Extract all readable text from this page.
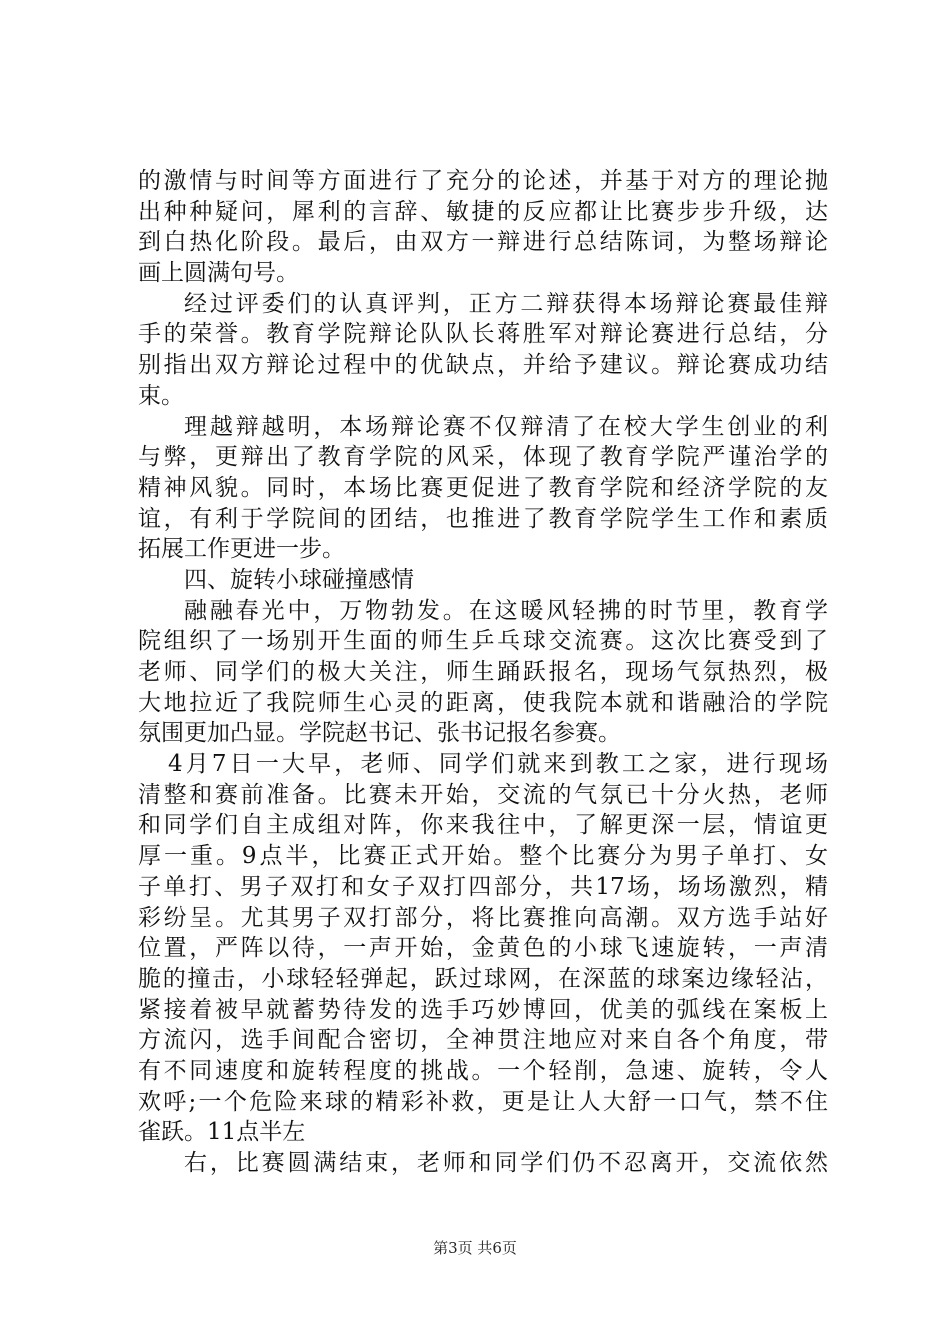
的激情与时间等方面进行了充分的论述，并基于对方的理论抛
出种种疑问，犀利的言辞、敏捷的反应都让比赛步步升级，达
到白热化阶段。最后，由双方一辩进行总结陈词，为整场辩论
画上圆满句号。
经过评委们的认真评判，正方二辩获得本场辩论赛最佳辩
手的荣誉。教育学院辩论队队长蒋胜军对辩论赛进行总结，分
别指出双方辩论过程中的优缺点，并给予建议。辩论赛成功结
束。
理越辩越明，本场辩论赛不仅辩清了在校大学生创业的利
与弊，更辩出了教育学院的风采，体现了教育学院严谨治学的
精神风貌。同时，本场比赛更促进了教育学院和经济学院的友
谊，有利于学院间的团结，也推进了教育学院学生工作和素质
拓展工作更进一步。
四、旋转小球碰撞感情
融融春光中，万物勃发。在这暖风轻拂的时节里，教育学
院组织了一场别开生面的师生乒乓球交流赛。这次比赛受到了
老师、同学们的极大关注，师生踊跃报名，现场气氛热烈，极
大地拉近了我院师生心灵的距离，使我院本就和谐融洽的学院
氛围更加凸显。学院赵书记、张书记报名参赛。
4月7日一大早，老师、同学们就来到教工之家，进行现场
清整和赛前准备。比赛未开始，交流的气氛已十分火热，老师
和同学们自主成组对阵，你来我往中，了解更深一层，情谊更
厚一重。9点半，比赛正式开始。整个比赛分为男子单打、女
子单打、男子双打和女子双打四部分，共17场，场场激烈，精
彩纷呈。尤其男子双打部分，将比赛推向高潮。双方选手站好
位置，严阵以待，一声开始，金黄色的小球飞速旋转，一声清
脆的撞击，小球轻轻弹起，跃过球网，在深蓝的球案边缘轻沾，
紧接着被早就蓄势待发的选手巧妙博回，优美的弧线在案板上
方流闪，选手间配合密切，全神贯注地应对来自各个角度，带
有不同速度和旋转程度的挑战。一个轻削，急速、旋转，令人
欢呼;一个危险来球的精彩补救，更是让人大舒一口气，禁不住
雀跃。11点半左
右，比赛圆满结束，老师和同学们仍不忍离开，交流依然
第3页 共6页
